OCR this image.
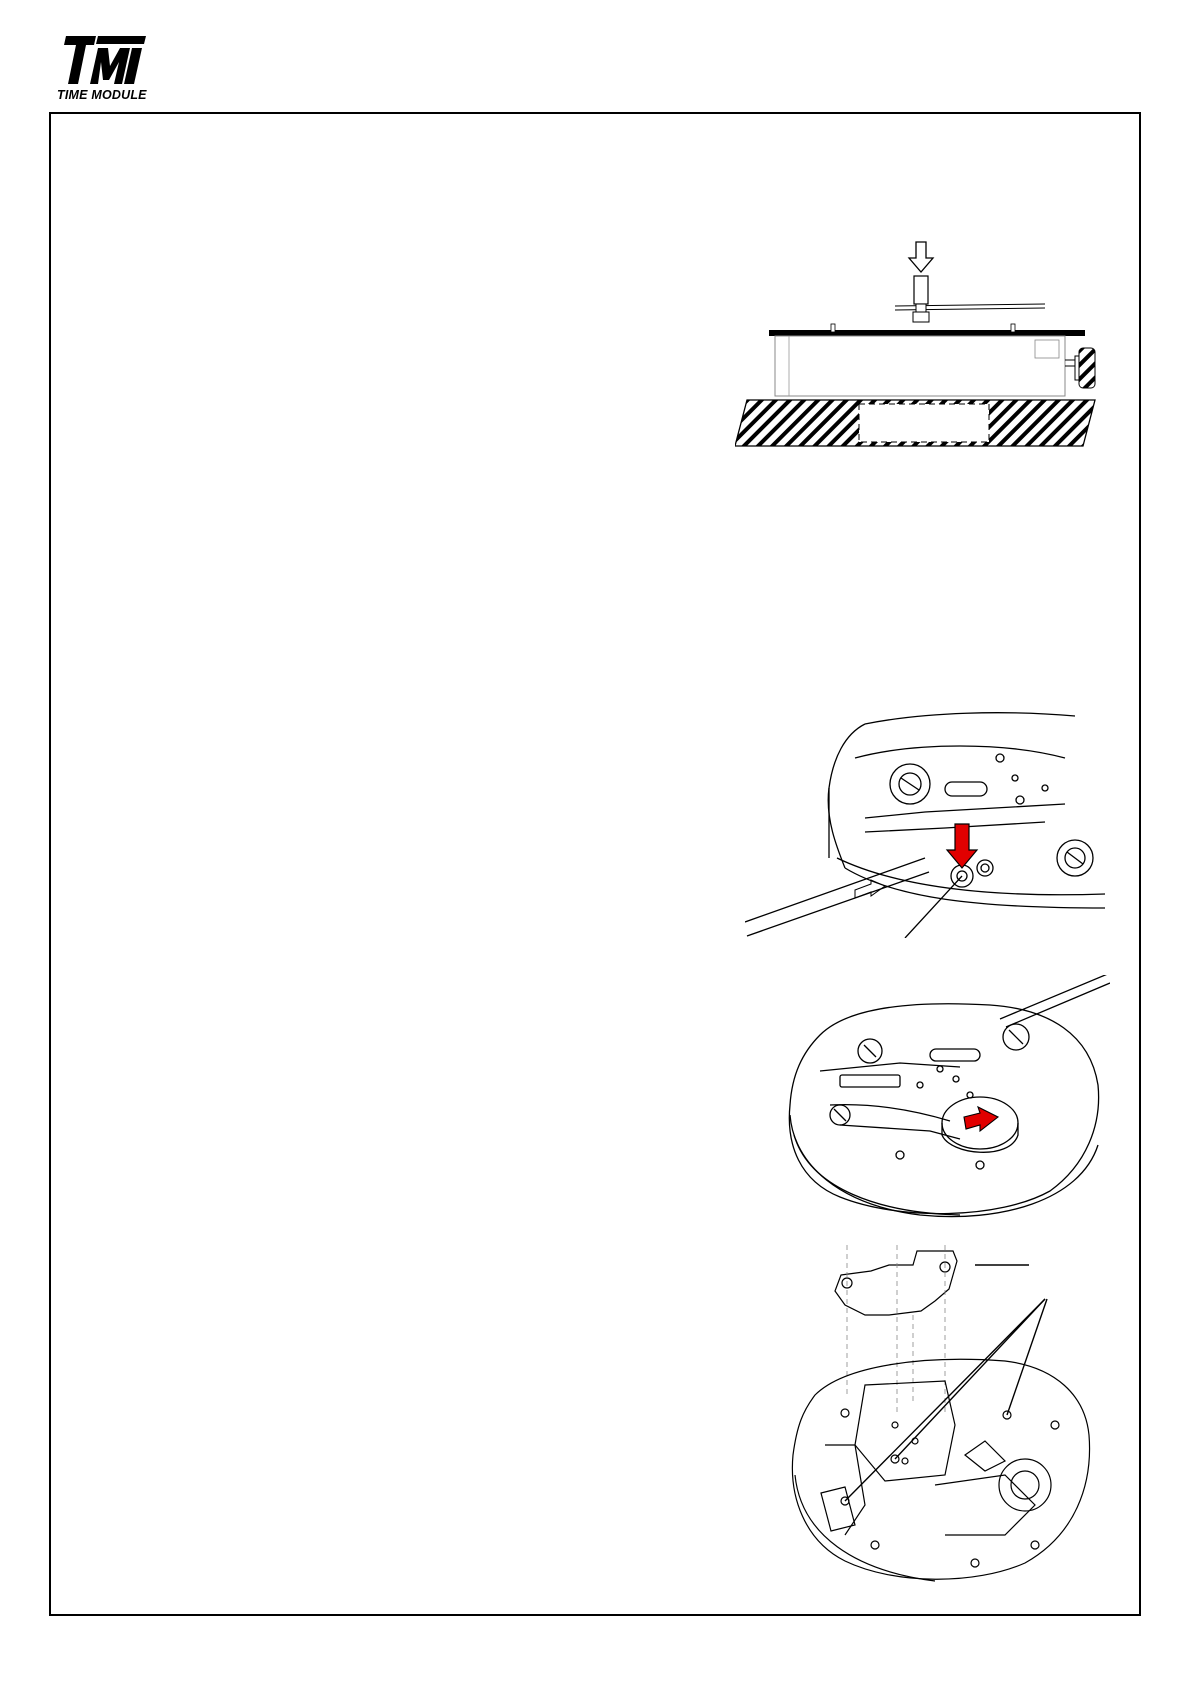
TIME MODULE
